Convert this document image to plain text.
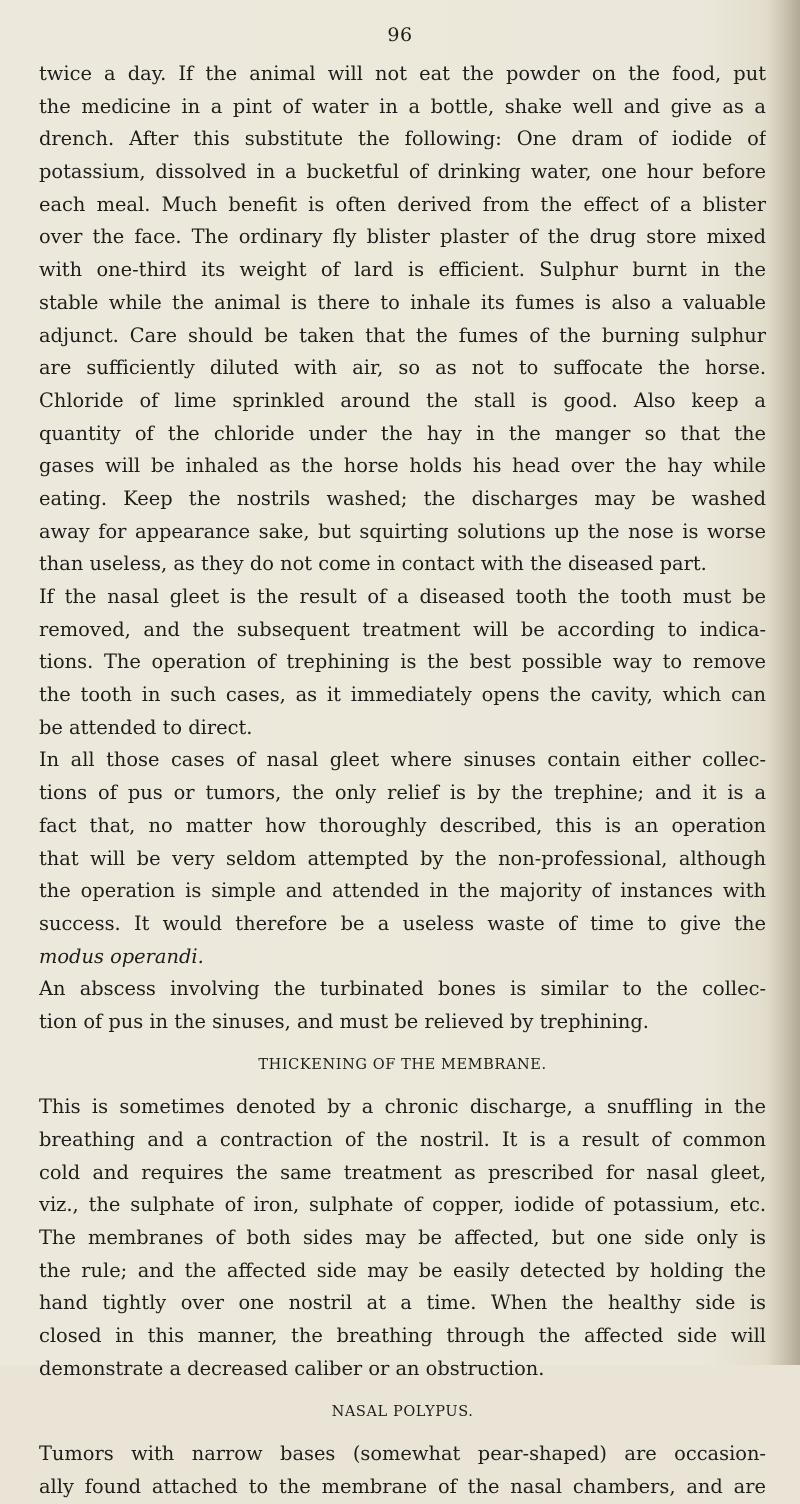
96
twice a day. If the animal will not eat the powder on the food, put
the medicine in a pint of water in a bottle, shake well and give as a
drench. After this substitute the following: One dram of iodide of
potassium, dissolved in a bucketful of drinking water, one hour before
each meal. Much benefit is often derived from the effect of a blister
over the face. The ordinary fly blister plaster of the drug store mixed
with one-third its weight of lard is efficient. Sulphur burnt in the
stable while the animal is there to inhale its fumes is also a valuable
adjunct. Care should be taken that the fumes of the burning sulphur
are sufficiently diluted with air, so as not to suffocate the horse.
Chloride of lime sprinkled around the stall is good. Also keep a
quantity of the chloride under the hay in the manger so that the
gases will be inhaled as the horse holds his head over the hay while
eating. Keep the nostrils washed; the discharges may be washed
away for appearance sake, but squirting solutions up the nose is worse
than useless, as they do not come in contact with the diseased part.
If the nasal gleet is the result of a diseased tooth the tooth must be
removed, and the subsequent treatment will be according to indica-
tions. The operation of trephining is the best possible way to remove
the tooth in such cases, as it immediately opens the cavity, which can
be attended to direct.
In all those cases of nasal gleet where sinuses contain either collec-
tions of pus or tumors, the only relief is by the trephine; and it is a
fact that, no matter how thoroughly described, this is an operation
that will be very seldom attempted by the non-professional, although
the operation is simple and attended in the majority of instances with
success. It would therefore be a useless waste of time to give the
modus operandi.
An abscess involving the turbinated bones is similar to the collec-
tion of pus in the sinuses, and must be relieved by trephining.
THICKENING OF THE MEMBRANE.
This is sometimes denoted by a chronic discharge, a snuffling in the
breathing and a contraction of the nostril. It is a result of common
cold and requires the same treatment as prescribed for nasal gleet,
viz., the sulphate of iron, sulphate of copper, iodide of potassium, etc.
The membranes of both sides may be affected, but one side only is
the rule; and the affected side may be easily detected by holding the
hand tightly over one nostril at a time. When the healthy side is
closed in this manner, the breathing through the affected side will
demonstrate a decreased caliber or an obstruction.
NASAL POLYPUS.
Tumors with narrow bases (somewhat pear-shaped) are occasion-
ally found attached to the membrane of the nasal chambers, and are
